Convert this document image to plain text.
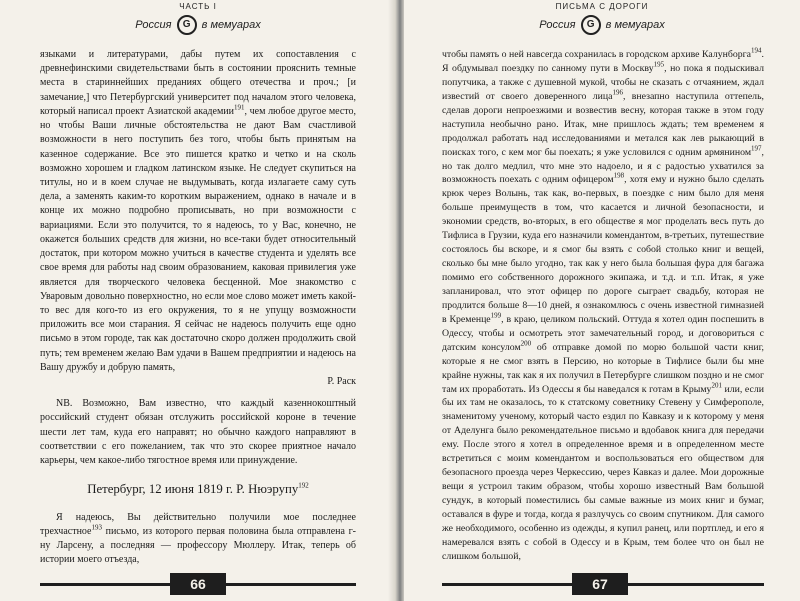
ЧАСТЬ I
Россия G в мемуарах

языками и литературами, дабы путем их сопоставления с древнефинскими свидетельствами быть в состоянии прояснить темные места в стариннейших преданиях общего отечества и проч.; [и замечание,] что Петербургский университет под началом этого человека, который написал проект Азиатской академии$^{191}$, чем любое другое место, но чтобы Ваши личные обстоятельства не дают Вам счастливой возможности в него поступить без того, чтобы быть принятым на казенное содержание. Все это пишется кратко и четко и на сколь возможно хорошем и гладком латинском языке. Не следует скупиться на титулы, но и в коем случае не выдумывать, когда излагаете саму суть дела, а заменять каким-то коротким выражением, однако в начале и в конце их можно подробно прописывать, но при возможности с вариациями. Если это получится, то я надеюсь, то у Вас, конечно, не окажется больших средств для жизни, но все-таки будет относительный достаток, при котором можно учиться в качестве студента и уделять все свое время для работы над своим образованием, каковая привилегия уже является для творческого человека бесценной. Мое знакомство с Уваровым довольно поверхностно, но если мое слово может иметь какой-то вес для кого-то из его окружения, то я не упущу возможности приложить все мои старания. Я сейчас не надеюсь получить еще одно письмо в этом городе, так как достаточно скоро должен продолжить свой путь; тем временем желаю Вам удачи в Вашем предприятии и надеюсь на Вашу дружбу и добрую память,

Р. Раск

NB. Возможно, Вам известно, что каждый казеннокоштный российский студент обязан отслужить российской короне в течение шести лет там, куда его направят; но обычно каждого направляют в соответствии с его пожеланием, так что это скорее приятное начало карьеры, чем какое-либо тягостное время или принуждение.

Петербург, 12 июня 1819 г. Р. Нюэрупу$^{192}$

Я надеюсь, Вы действительно получили мое последнее трехчастное$^{193}$ письмо, из которого первая половина была отправлена г-ну Ларсену, а последняя — профессору Мюллеру. Итак, теперь об истории моего отъезда,

66
ПИСЬМА С ДОРОГИ
Россия G в мемуарах

чтобы память о ней навсегда сохранилась в городском архиве Калунборга$^{194}$. Я обдумывал поездку по санному пути в Москву$^{195}$, но пока я подыскивал попутчика, а также с душевной мукой, чтобы не сказать с отчаянием, ждал известий от своего доверенного лица$^{196}$, внезапно наступила оттепель, сделав дороги непроезжими и возвестив весну, которая также в этом году наступила необычно рано. Итак, мне пришлось ждать; тем временем я продолжал работать над исследованиями и метался как лев рыкающий в поисках того, с кем мог бы поехать; я уже условился с одним армянином$^{197}$, но так долго медлил, что мне это надоело, и я с радостью ухватился за возможность поехать с одним офицером$^{198}$, хотя ему и нужно было сделать крюк через Волынь, так как, во-первых, в поездке с ним было для меня больше преимуществ в том, что касается и личной безопасности, и экономии средств, во-вторых, в его обществе я мог проделать весь путь до Тифлиса в Грузии, куда его назначили комендантом, в-третьих, путешествие состоялось бы вскоре, и я смог бы взять с собой столько книг и вещей, сколько бы мне было угодно, так как у него была большая фура для багажа помимо его собственного дорожного экипажа, и т.д. и т.п. Итак, я уже запланировал, что этот офицер по дороге сыграет свадьбу, которая не продлится больше 8—10 дней, я ознакомлюсь с очень известной гимназией в Кременце$^{199}$, в краю, целиком польский. Оттуда я хотел один поспешить в Одессу, чтобы и осмотреть этот замечательный город, и договориться с датским консулом$^{200}$ об отправке домой по морю большой части книг, которые я не смог взять в Персию, но которые в Тифлисе были бы мне крайне нужны, так как я их получил в Петербурге слишком поздно и не смог там их проработать. Из Одессы я бы наведался к готам в Крыму$^{201}$ или, если бы их там не оказалось, то к статскому советнику Стевену у Симферополе, знаменитому ученому, который часто ездил по Кавказу и к которому у меня от Аделунга было рекомендательное письмо и вдобавок книга для передачи ему. После этого я хотел в определенное время и в определенном месте встретиться с моим комендантом и воспользоваться его обществом для безопасного проезда через Черкессию, через Кавказ и далее. Мои дорожные вещи я устроил таким образом, чтобы хорошо известный Вам большой сундук, в который поместились бы самые важные из моих книг и бумаг, оставался в фуре и тогда, когда я разлучусь со своим спутником. Для самого же необходимого, особенно из одежды, я купил ранец, или портплед, и его я намеревался взять с собой в Одессу и в Крым, тем более что он был не слишком большой,

67
